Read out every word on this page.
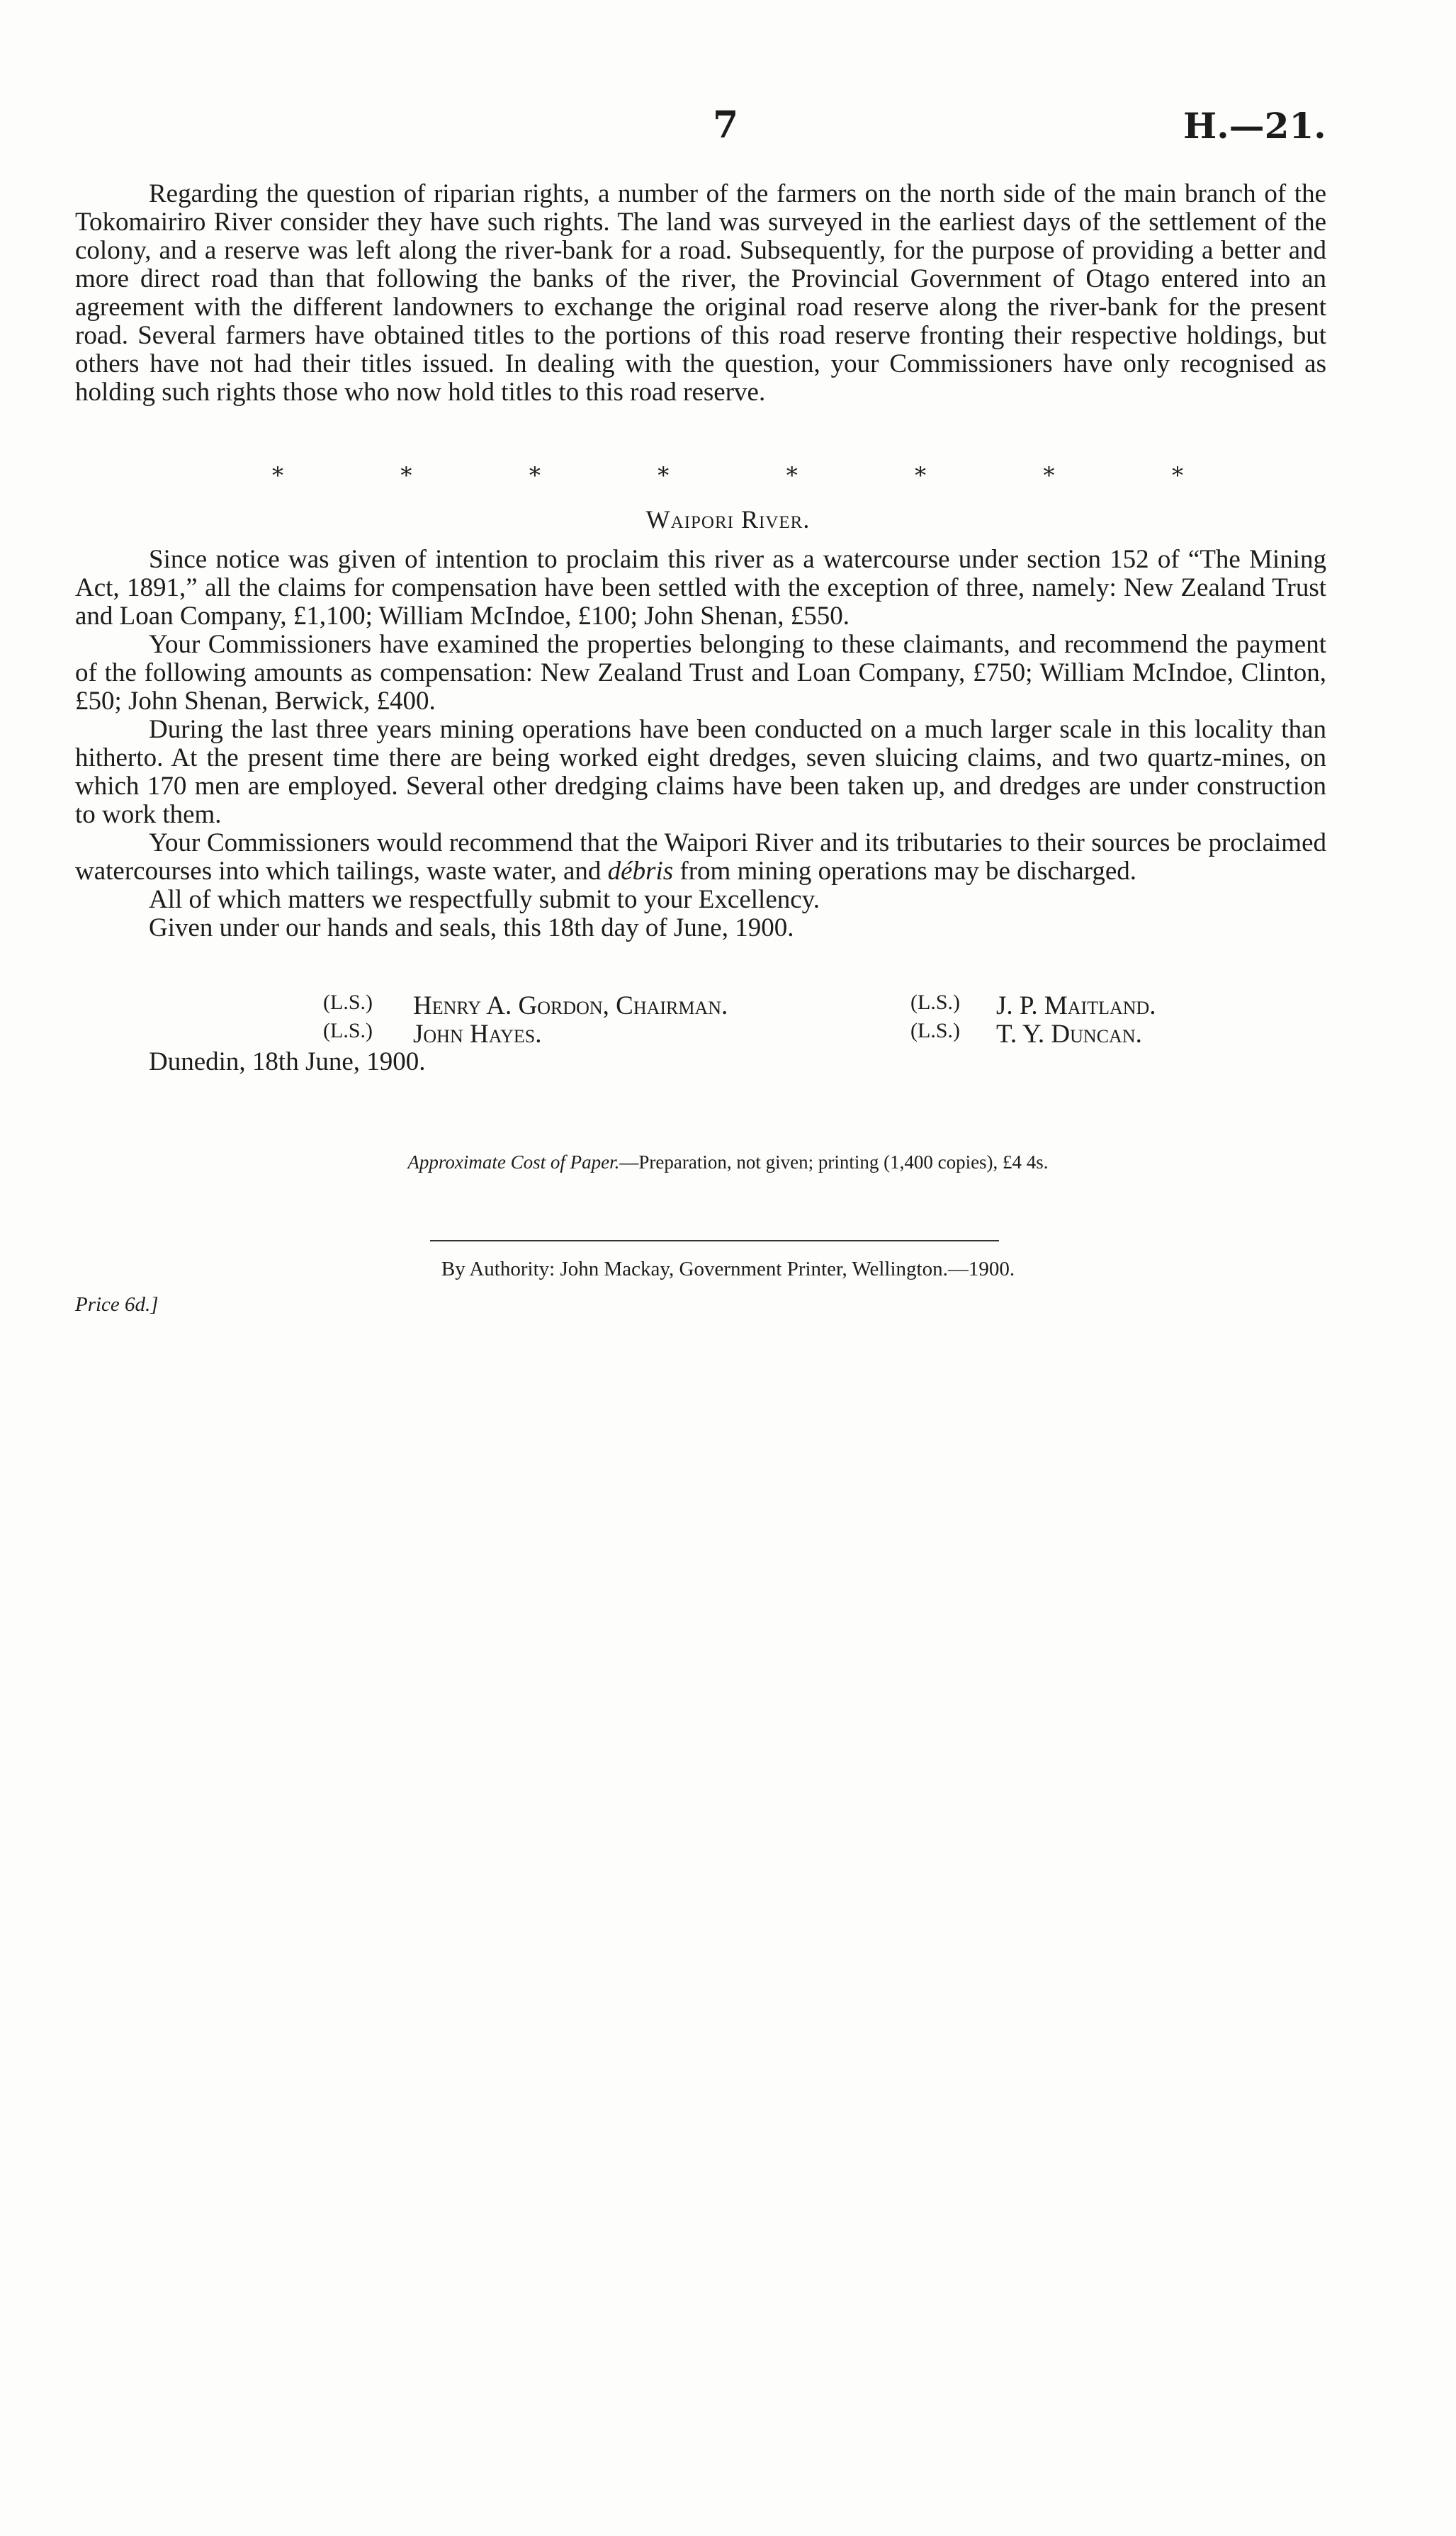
7	H.—21.

Regarding the question of riparian rights, a number of the farmers on the north side of the main branch of the Tokomairiro River consider they have such rights. The land was surveyed in the earliest days of the settlement of the colony, and a reserve was left along the river-bank for a road. Subsequently, for the purpose of providing a better and more direct road than that following the banks of the river, the Provincial Government of Otago entered into an agreement with the different landowners to exchange the original road reserve along the river-bank for the present road. Several farmers have obtained titles to the portions of this road reserve fronting their respective holdings, but others have not had their titles issued. In dealing with the question, your Commissioners have only recognised as holding such rights those who now hold titles to this road reserve.

*	*	*	*	*	*	*	*
Waipori River.

Since notice was given of intention to proclaim this river as a watercourse under section 152 of “The Mining Act, 1891,” all the claims for compensation have been settled with the exception of three, namely: New Zealand Trust and Loan Company, £1,100; William McIndoe, £100; John Shenan, £550.

Your Commissioners have examined the properties belonging to these claimants, and recommend the payment of the following amounts as compensation: New Zealand Trust and Loan Company, £750; William McIndoe, Clinton, £50; John Shenan, Berwick, £400.

During the last three years mining operations have been conducted on a much larger scale in this locality than hitherto. At the present time there are being worked eight dredges, seven sluicing claims, and two quartz-mines, on which 170 men are employed. Several other dredging claims have been taken up, and dredges are under construction to work them.

Your Commissioners would recommend that the Waipori River and its tributaries to their sources be proclaimed watercourses into which tailings, waste water, and débris from mining operations may be discharged.

All of which matters we respectfully submit to your Excellency.

Given under our hands and seals, this 18th day of June, 1900.

(L.S.) Henry A. Gordon, Chairman.	(L.S.) J. P. Maitland.
(L.S.) John Hayes.	(L.S.) T. Y. Duncan.
Dunedin, 18th June, 1900.
Approximate Cost of Paper.—Preparation, not given; printing (1,400 copies), £4 4s.
By Authority: John Mackay, Government Printer, Wellington.—1900.
Price 6d.]
